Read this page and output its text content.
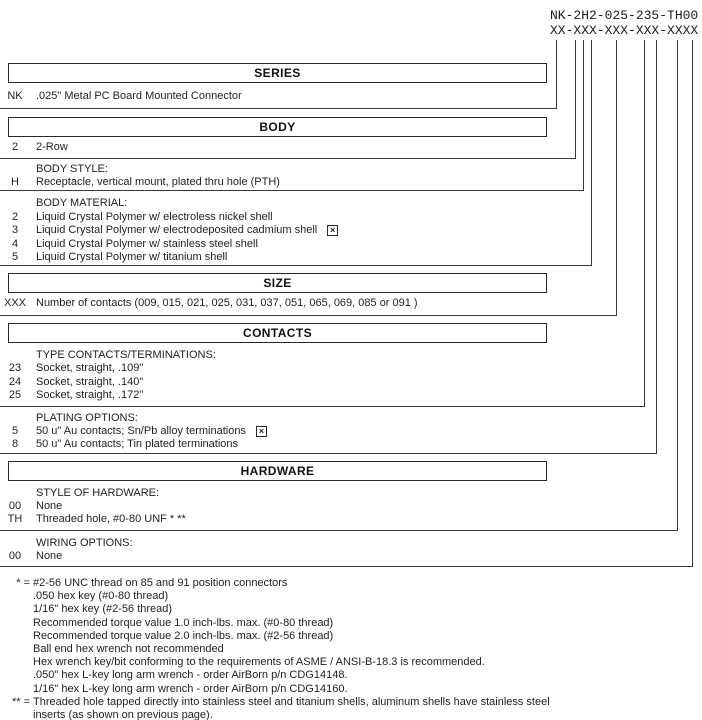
NK-2H2-025-235-TH00
XX-XXX-XXX-XXX-XXXX
SERIES
NK	.025" Metal PC Board Mounted Connector
BODY
2	2-Row
BODY STYLE:
H	Receptacle, vertical mount, plated thru hole (PTH)
BODY MATERIAL:
2	Liquid Crystal Polymer w/ electroless nickel shell
3	Liquid Crystal Polymer w/ electrodeposited cadmium shell	×
4	Liquid Crystal Polymer w/ stainless steel shell
5	Liquid Crystal Polymer w/ titanium shell
SIZE
XXX Number of contacts (009, 015, 021, 025, 031, 037, 051, 065, 069, 085 or 091 )
CONTACTS
TYPE CONTACTS/TERMINATIONS:
23	Socket, straight, .109"
24	Socket, straight, .140"
25	Socket, straight, .172"
PLATING OPTIONS:
5	50 u" Au contacts; Sn/Pb alloy terminations	×
8	50 u" Au contacts; Tin plated terminations
HARDWARE
STYLE OF HARDWARE:
00	None
TH	Threaded hole, #0-80 UNF * **
WIRING OPTIONS:
00	None
* = #2-56 UNC thread on 85 and 91 position connectors
.050 hex key (#0-80 thread)
1/16" hex key (#2-56 thread)
Recommended torque value 1.0 inch-lbs. max. (#0-80 thread)
Recommended torque value 2.0 inch-lbs. max. (#2-56 thread)
Ball end hex wrench not recommended
Hex wrench key/bit conforming to the requirements of ASME / ANSI-B-18.3 is recommended.
.050" hex L-key long arm wrench - order AirBorn p/n CDG14148.
1/16" hex L-key long arm wrench - order AirBorn p/n CDG14160.
** = Threaded hole tapped directly into stainless steel and titanium shells, aluminum shells have stainless steel
inserts (as shown on previous page).
